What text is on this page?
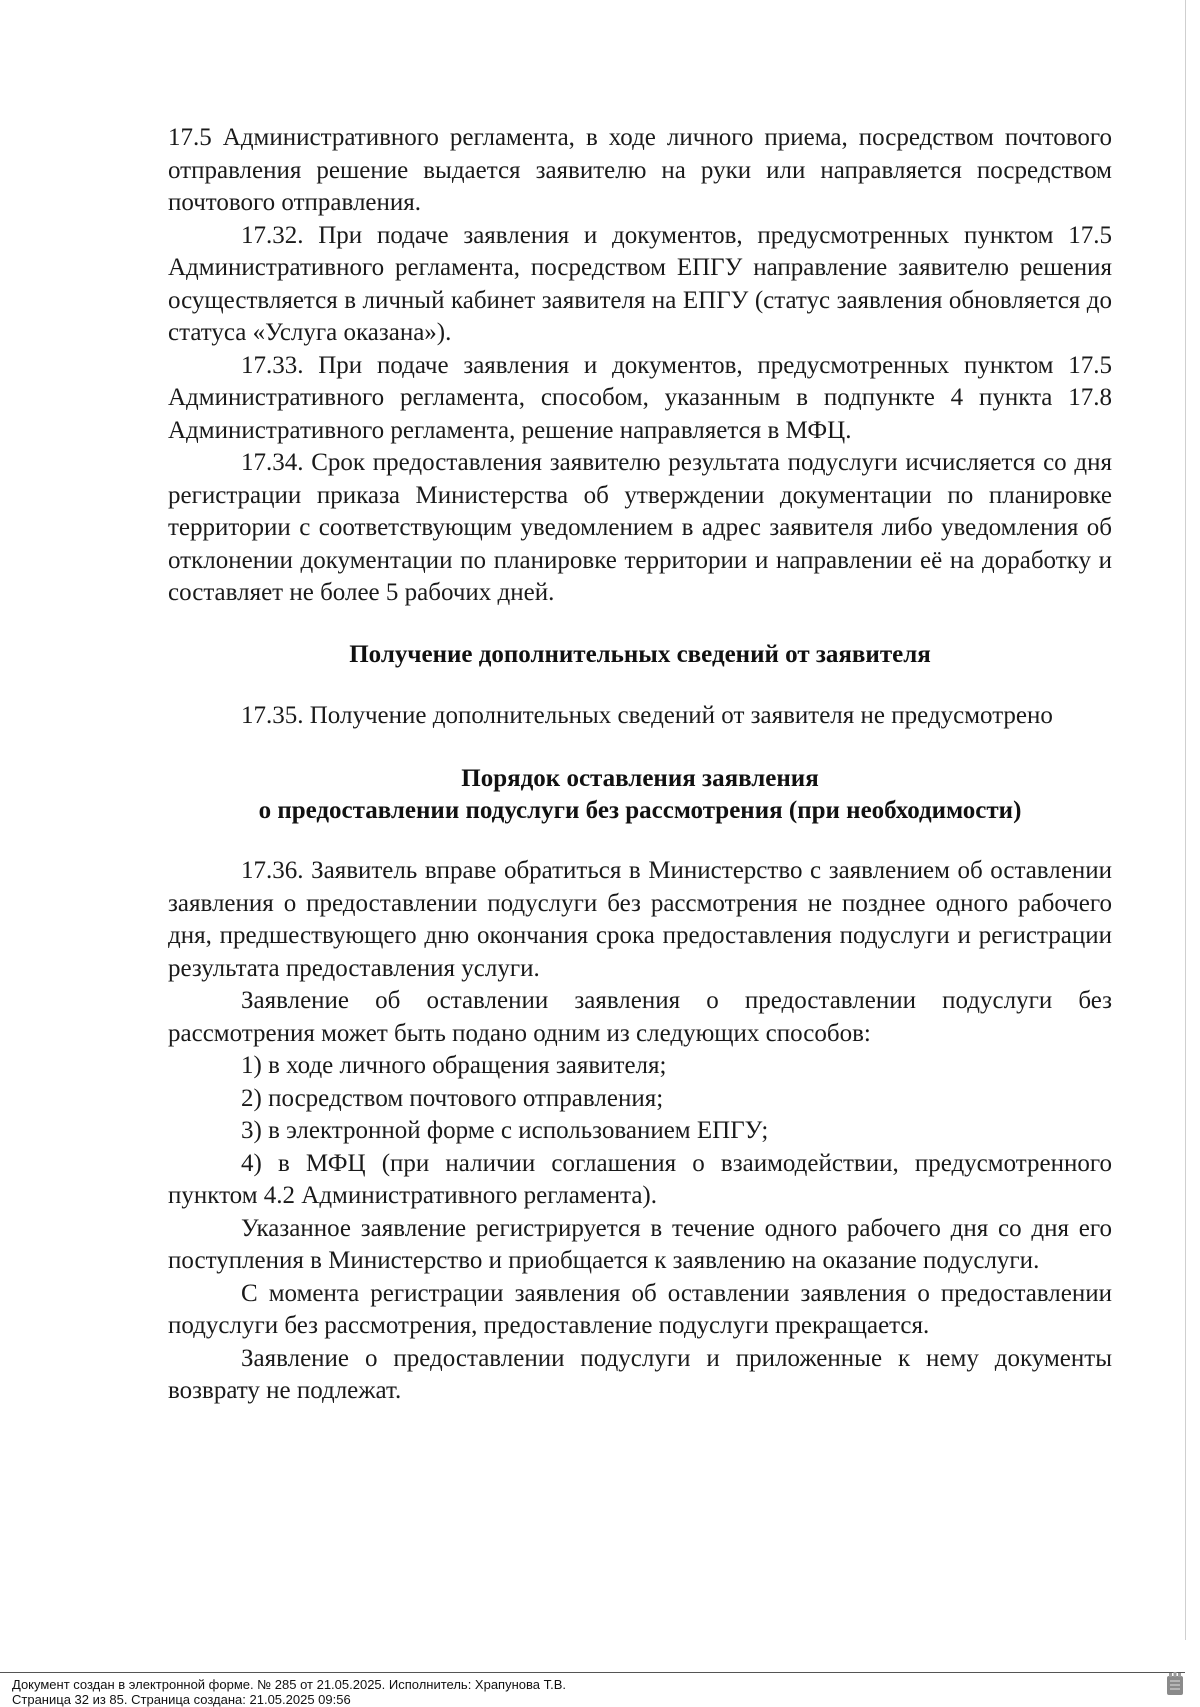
17.5 Административного регламента, в ходе личного приема, посредством почтового отправления решение выдается заявителю на руки или направляется посредством почтового отправления.

17.32. При подаче заявления и документов, предусмотренных пунктом 17.5 Административного регламента, посредством ЕПГУ направление заявителю решения осуществляется в личный кабинет заявителя на ЕПГУ (статус заявления обновляется до статуса «Услуга оказана»).

17.33. При подаче заявления и документов, предусмотренных пунктом 17.5 Административного регламента, способом, указанным в подпункте 4 пункта 17.8 Административного регламента, решение направляется в МФЦ.

17.34. Срок предоставления заявителю результата подуслуги исчисляется со дня регистрации приказа Министерства об утверждении документации по планировке территории с соответствующим уведомлением в адрес заявителя либо уведомления об отклонении документации по планировке территории и направлении её на доработку и составляет не более 5 рабочих дней.

Получение дополнительных сведений от заявителя

17.35. Получение дополнительных сведений от заявителя не предусмотрено

Порядок оставления заявления
о предоставлении подуслуги без рассмотрения (при необходимости)

17.36. Заявитель вправе обратиться в Министерство с заявлением об оставлении заявления о предоставлении подуслуги без рассмотрения не позднее одного рабочего дня, предшествующего дню окончания срока предоставления подуслуги и регистрации результата предоставления услуги.

Заявление об оставлении заявления о предоставлении подуслуги без рассмотрения может быть подано одним из следующих способов:

1) в ходе личного обращения заявителя;

2) посредством почтового отправления;

3) в электронной форме с использованием ЕПГУ;

4) в МФЦ (при наличии соглашения о взаимодействии, предусмотренного пунктом 4.2 Административного регламента).

Указанное заявление регистрируется в течение одного рабочего дня со дня его поступления в Министерство и приобщается к заявлению на оказание подуслуги.

С момента регистрации заявления об оставлении заявления о предоставлении подуслуги без рассмотрения, предоставление подуслуги прекращается.

Заявление о предоставлении подуслуги и приложенные к нему документы возврату не подлежат.

Документ создан в электронной форме. № 285 от 21.05.2025. Исполнитель: Храпунова Т.В.
Страница 32 из 85. Страница создана: 21.05.2025 09:56
